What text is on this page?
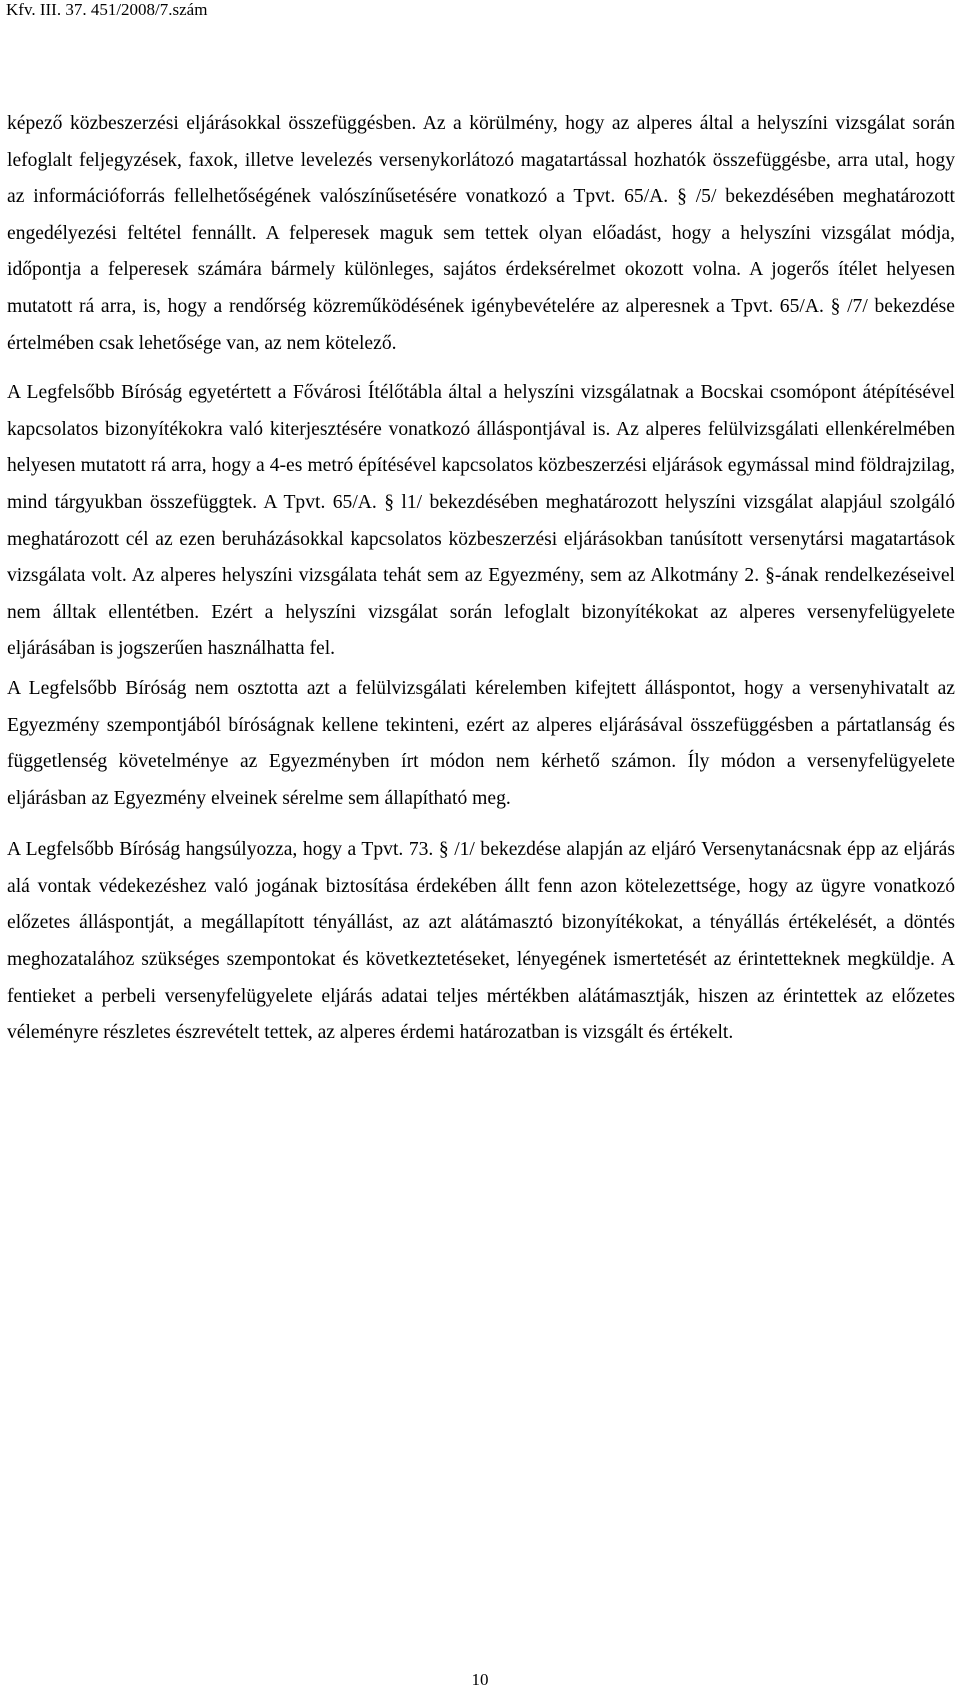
Kfv. III. 37. 451/2008/7.szám

képező közbeszerzési eljárásokkal összefüggésben. Az a körülmény, hogy az alperes által a helyszíni vizsgálat során lefoglalt feljegyzések, faxok, illetve levelezés versenykorlátozó magatartással hozhatók összefüggésbe, arra utal, hogy az információforrás fellelhetőségének valószínűsetésére vonatkozó a Tpvt. 65/A. § /5/ bekezdésében meghatározott engedélyezési feltétel fennállt. A felperesek maguk sem tettek olyan előadást, hogy a helyszíni vizsgálat módja, időpontja a felperesek számára bármely különleges, sajátos érdeksérelmet okozott volna. A jogerős ítélet helyesen mutatott rá arra, is, hogy a rendőrség közreműködésének igénybevételére az alperesnek a Tpvt. 65/A. § /7/ bekezdése értelmében csak lehetősége van, az nem kötelező.

A Legfelsőbb Bíróság egyetértett a Fővárosi Ítélőtábla által a helyszíni vizsgálatnak a Bocskai csomópont átépítésével kapcsolatos bizonyítékokra való kiterjesztésére vonatkozó álláspontjával is. Az alperes felülvizsgálati ellenkérelmében helyesen mutatott rá arra, hogy a 4-es metró építésével kapcsolatos közbeszerzési eljárások egymással mind földrajzilag, mind tárgyukban összefüggtek. A Tpvt. 65/A. § l1/ bekezdésében meghatározott helyszíni vizsgálat alapjául szolgáló meghatározott cél az ezen beruházásokkal kapcsolatos közbeszerzési eljárásokban tanúsított versenytársi magatartások vizsgálata volt. Az alperes helyszíni vizsgálata tehát sem az Egyezmény, sem az Alkotmány 2. §-ának rendelkezéseivel nem álltak ellentétben. Ezért a helyszíni vizsgálat során lefoglalt bizonyítékokat az alperes versenyfelügyelete eljárásában is jogszerűen használhatta fel.

A Legfelsőbb Bíróság nem osztotta azt a felülvizsgálati kérelemben kifejtett álláspontot, hogy a versenyhivatalt az Egyezmény szempontjából bíróságnak kellene tekinteni, ezért az alperes eljárásával összefüggésben a pártatlanság és függetlenség követelménye az Egyezményben írt módon nem kérhető számon. Íly módon a versenyfelügyelete eljárásban az Egyezmény elveinek sérelme sem állapítható meg.

A Legfelsőbb Bíróság hangsúlyozza, hogy a Tpvt. 73. § /1/ bekezdése alapján az eljáró Versenytanácsnak épp az eljárás alá vontak védekezéshez való jogának biztosítása érdekében állt fenn azon kötelezettsége, hogy az ügyre vonatkozó előzetes álláspontját, a megállapított tényállást, az azt alátámasztó bizonyítékokat, a tényállás értékelését, a döntés meghozatalához szükséges szempontokat és következtetéseket, lényegének ismertetését az érintetteknek megküldje. A fentieket a perbeli versenyfelügyelete eljárás adatai teljes mértékben alátámasztják, hiszen az érintettek az előzetes véleményre részletes észrevételt tettek, az alperes érdemi határozatban is vizsgált és értékelt.

10
